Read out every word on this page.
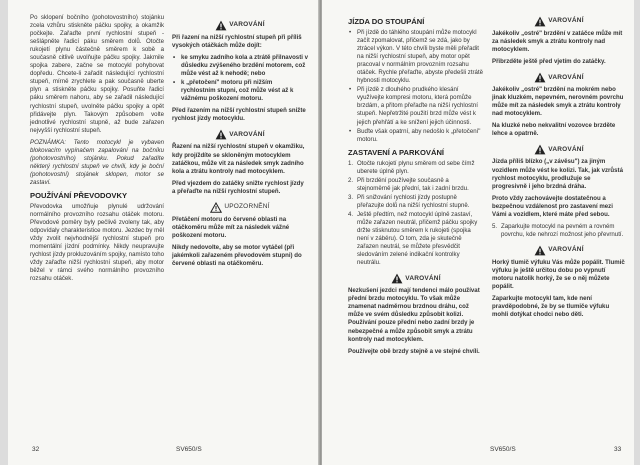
Po sklopení bočního (pohotovostního) stojánku zcela vzhůru stiskněte páčku spojky, a okamžik počkejte. Zařaďte první rychlostní stupeň - sešlápněte řadicí páku směrem dolů. Otočte rukojetí plynu částečně směrem k sobě a současně citlivě uvolňujte páčku spojky. Jakmile spojka zabere, začne se motocykl pohybovat dopředu. Chcete-li zařadit následující rychlostní stupeň, mírně zrychlete a pak současně uberte plyn a stiskněte páčku spojky. Posuňte řadicí páku směrem nahoru, aby se zařadil následující rychlostní stupeň, uvolněte páčku spojky a opět přidávejte plyn. Takovým způsobem volte jednotlivé rychlostní stupně, až bude zařazen nejvyšší rychlostní stupeň.

POZNÁMKA: Tento motocykl je vybaven blokovacím vypínačem zapalování na bočníku (pohotovostního) stojánku. Pokud zařadíte některý rychlostní stupeň ve chvíli, kdy je boční (pohotovostní) stojánek sklopen, motor se zastaví.

POUŽÍVÁNÍ PŘEVODOVKY

Převodovka umožňuje plynulé udržování normálního provozního rozsahu otáček motoru. Převodové poměry byly pečlivě zvoleny tak, aby odpovídaly charakteristice motoru. Jezdec by měl vždy zvolit nejvhodnější rychlostní stupeň pro momentální jízdní podmínky. Nikdy neupravujte rychlost jízdy prokluzováním spojky, namísto toho vždy zařaďte nižší rychlostní stupeň, aby motor běžel v rámci svého normálního provozního rozsahu otáček.

VAROVÁNÍ

Při řazení na nižší rychlostní stupeň při příliš vysokých otáčkách může dojít:

• ke smyku zadního kola a ztrátě přilnavosti v důsledku zvýšeného brzdění motorem, což může vést až k nehodě; nebo
• k „přetočení" motoru při nižším rychlostním stupni, což může vést až k vážnému poškození motoru.

Před řazením na nižší rychlostní stupeň snižte rychlost jízdy motocyklu.

VAROVÁNÍ

Řazení na nižší rychlostní stupeň v okamžiku, kdy projíždíte se skloněným motocyklem zatáčkou, může vit za následek smyk zadního kola a ztrátu kontroly nad motocyklem.

Před vjezdem do zatáčky snižte rychlost jízdy a přeřaďte na nižší rychlostní stupeň.

UPOZORNĚNÍ

Přetáčení motoru do červené oblasti na otáčkoměru může mít za následek vážné poškození motoru.

Nikdy nedovolte, aby se motor vytáčel (při jakémkoli zařazeném převodovém stupni) do červené oblasti na otáčkoměru.

32	SV650/S
JÍZDA DO STOUPÁNÍ
• Při jízdě do táhlého stoupání může motocykl začít zpomalovat, přičemž se zdá, jako by ztrácel výkon. V této chvíli byste měli přeřadit na nižší rychlostní stupeň, aby motor opět pracoval v normálním provozním rozsahu otáček. Rychle přeřaďte, abyste předešli ztrátě hybnosti motocyklu.
• Při jízdě z dlouhého prudkého klesání využívejte kompresi motoru, která pomůže brzdám, a přitom přeřaďte na nižší rychlostní stupeň. Nepřetržité použití brzd může vést k jejich přehřátí a ke snížení jejich účinnosti.
• Buďte však opatrní, aby nedošlo k „přetočení" motoru.
ZASTAVENÍ A PARKOVÁNÍ
1. Otočte rukojetí plynu směrem od sebe čímž uberete úplně plyn.
2. Při brzdění používejte současně a stejnoměrně jak přední, tak i zadní brzdu.
3. Při snižování rychlosti jízdy postupně přeřazujte dolů na nižší rychlostní stupně.
4. Ještě předtím, než motocykl úplně zastaví, může zařazen neutrál, přičemž páčku spojky držte stisknutou směrem k rukojeti (spojka není v záběru). O tom, zda je skutečně zařazen neutrál, se můžete přesvědčit sledováním zelené indikační kontrolky neutrálu.
VAROVÁNÍ

Nezkušení jezdci mají tendenci málo používat přední brzdu motocyklu. To však může znamenat nadměrnou brzdnou dráhu, což může ve svém důsledku způsobit kolizi. Používání pouze přední nebo zadní brzdy je nebezpečné a může způsobit smyk a ztrátu kontroly nad motocyklem.

Používejte obě brzdy stejně a ve stejné chvíli.

VAROVÁNÍ

Jakékoliv „ostré" brzdění v zatáčce může mít za následek smyk a ztrátu kontroly nad motocyklem.

Přibrzděte ještě před vjetím do zatáčky.

VAROVÁNÍ

Jakékoliv „ostré" brzdění na mokrém nebo jinak kluzkém, nepevném, nerovném povrchu může mít za následek smyk a ztrátu kontroly nad motocyklem.

Na kluzké nebo nekvalitní vozovce brzděte lehce a opatrně.

VAROVÁNÍ

Jízda příliš blízko („v závěsu") za jiným vozidlem může vést ke kolizi. Tak, jak vzrůstá rychlost motocyklu, prodlužuje se progresivně i jeho brzdná dráha.

Proto vždy zachovávejte dostatečnou a bezpečnou vzdálenost pro zastavení mezi Vámi a vozidlem, které máte před sebou.

5. Zaparkujte motocykl na pevném a rovném povrchu, kde nehrozí možnost jeho převrnutí.
VAROVÁNÍ

Horký tlumič výfuku Vás může popálit. Tlumič výfuku je ještě určitou dobu po vypnutí motoru natolik horký, že se o něj můžete popálit.

Zaparkujte motocykl tam, kde není pravděpodobné, že by se tlumiče výfuku mohli dotýkat chodci nebo děti.

SV650/S	33
